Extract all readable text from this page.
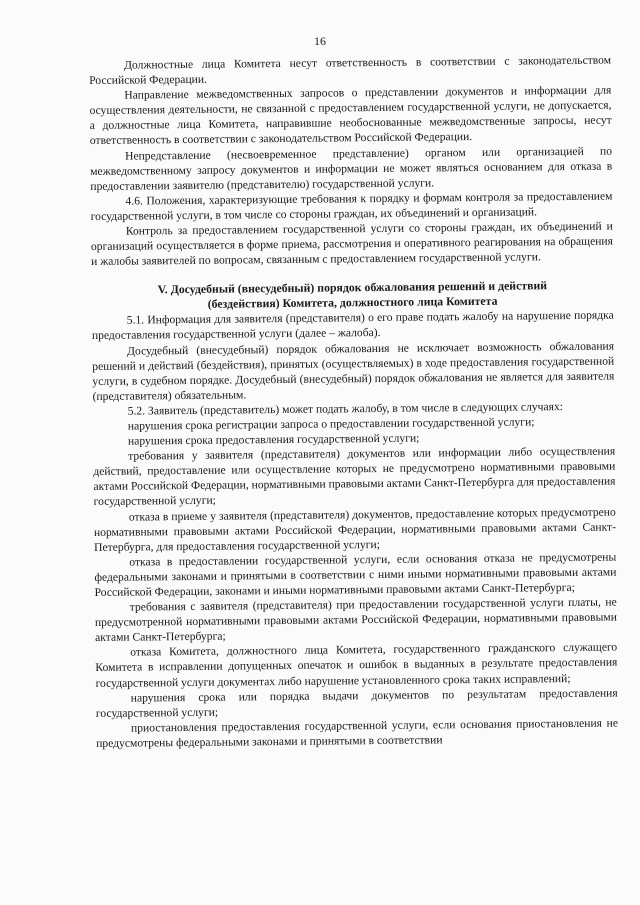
16

Должностные лица Комитета несут ответственность в соответствии с законодательством Российской Федерации.

Направление межведомственных запросов о представлении документов и информации для осуществления деятельности, не связанной с предоставлением государственной услуги, не допускается, а должностные лица Комитета, направившие необоснованные межведомственные запросы, несут ответственность в соответствии с законодательством Российской Федерации.

Непредставление (несвоевременное представление) органом или организацией по межведомственному запросу документов и информации не может являться основанием для отказа в предоставлении заявителю (представителю) государственной услуги.

4.6. Положения, характеризующие требования к порядку и формам контроля за предоставлением государственной услуги, в том числе со стороны граждан, их объединений и организаций.

Контроль за предоставлением государственной услуги со стороны граждан, их объединений и организаций осуществляется в форме приема, рассмотрения и оперативного реагирования на обращения и жалобы заявителей по вопросам, связанным с предоставлением государственной услуги.

V. Досудебный (внесудебный) порядок обжалования решений и действий (бездействия) Комитета, должностного лица Комитета

5.1. Информация для заявителя (представителя) о его праве подать жалобу на нарушение порядка предоставления государственной услуги (далее – жалоба).

Досудебный (внесудебный) порядок обжалования не исключает возможность обжалования решений и действий (бездействия), принятых (осуществляемых) в ходе предоставления государственной услуги, в судебном порядке. Досудебный (внесудебный) порядок обжалования не является для заявителя (представителя) обязательным.

5.2. Заявитель (представитель) может подать жалобу, в том числе в следующих случаях:

нарушения срока регистрации запроса о предоставлении государственной услуги;

нарушения срока предоставления государственной услуги;

требования у заявителя (представителя) документов или информации либо осуществления действий, предоставление или осуществление которых не предусмотрено нормативными правовыми актами Российской Федерации, нормативными правовыми актами Санкт-Петербурга для предоставления государственной услуги;

отказа в приеме у заявителя (представителя) документов, предоставление которых предусмотрено нормативными правовыми актами Российской Федерации, нормативными правовыми актами Санкт-Петербурга, для предоставления государственной услуги;

отказа в предоставлении государственной услуги, если основания отказа не предусмотрены федеральными законами и принятыми в соответствии с ними иными нормативными правовыми актами Российской Федерации, законами и иными нормативными правовыми актами Санкт-Петербурга;

требования с заявителя (представителя) при предоставлении государственной услуги платы, не предусмотренной нормативными правовыми актами Российской Федерации, нормативными правовыми актами Санкт-Петербурга;

отказа Комитета, должностного лица Комитета, государственного гражданского служащего Комитета в исправлении допущенных опечаток и ошибок в выданных в результате предоставления государственной услуги документах либо нарушение установленного срока таких исправлений;

нарушения срока или порядка выдачи документов по результатам предоставления государственной услуги;

приостановления предоставления государственной услуги, если основания приостановления не предусмотрены федеральными законами и принятыми в соответствии
